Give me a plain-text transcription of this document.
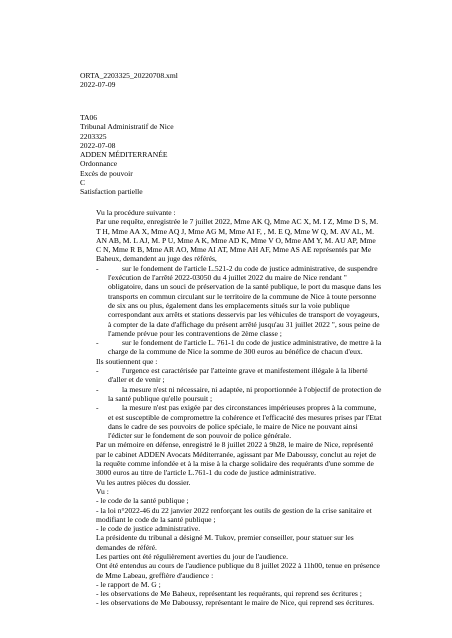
ORTA_2203325_20220708.xml
2022-07-09
TA06
Tribunal Administratif de Nice
2203325
2022-07-08
ADDEN MÉDITERRANÉE
Ordonnance
Excès de pouvoir
C
Satisfaction partielle
Vu la procédure suivante :
Par une requête, enregistrée le 7 juillet 2022, Mme AK Q, Mme AC X, M. I Z, Mme D S, M. T H, Mme AA X, Mme AQ J, Mme AG M, Mme AI F, , M. E Q, Mme W Q, M. AV AL, M. AN AB, M. L AJ, M. P U, Mme A K, Mme AD K, Mme V O, Mme AM Y, M. AU AP, Mme C N, Mme R B, Mme AR AO, Mme AI AT, Mme AH AF, Mme AS AE représentés par Me Baheux, demandent au juge des référés,
-	sur le fondement de l'article L.521-2 du code de justice administrative, de suspendre l'exécution de l'arrêté 2022-03050 du 4 juillet 2022 du maire de Nice rendant " obligatoire, dans un souci de préservation de la santé publique, le port du masque dans les transports en commun circulant sur le territoire de la commune de Nice à toute personne de six ans ou plus, également dans les emplacements situés sur la voie publique correspondant aux arrêts et stations desservis par les véhicules de transport de voyageurs, à compter de la date d'affichage du présent arrêté jusqu'au 31 juillet 2022 ", sous peine de l'amende prévue pour les contraventions de 2ème classe ;
-	sur le fondement de l'article L. 761-1 du code de justice administrative, de mettre à la charge de la commune de Nice la somme de 300 euros au bénéfice de chacun d'eux.
Ils soutiennent que :
-	l'urgence est caractérisée par l'atteinte grave et manifestement illégale à la liberté d'aller et de venir ;
-	la mesure n'est ni nécessaire, ni adaptée, ni proportionnée à l'objectif de protection de la santé publique qu'elle poursuit ;
-	la mesure n'est pas exigée par des circonstances impérieuses propres à la commune, et est susceptible de compromettre la cohérence et l'efficacité des mesures prises par l'Etat dans le cadre de ses pouvoirs de police spéciale, le maire de Nice ne pouvant ainsi l'édicter sur le fondement de son pouvoir de police générale.
Par un mémoire en défense, enregistré le 8 juillet 2022 à 9h28, le maire de Nice, représenté par le cabinet ADDEN Avocats Méditerranée, agissant par Me Daboussy, conclut au rejet de la requête comme infondée et à la mise à la charge solidaire des requérants d'une somme de 3000 euros au titre de l'article L.761-1 du code de justice administrative.
Vu les autres pièces du dossier.
Vu :
- le code de la santé publique ;
- la loi n°2022-46 du 22 janvier 2022 renforçant les outils de gestion de la crise sanitaire et modifiant le code de la santé publique ;
- le code de justice administrative.
La présidente du tribunal a désigné M. Tukov, premier conseiller, pour statuer sur les demandes de référé.
Les parties ont été régulièrement averties du jour de l'audience.
Ont été entendus au cours de l'audience publique du 8 juillet 2022 à 11h00, tenue en présence de Mme Labeau, greffière d'audience :
- le rapport de M. G ;
- les observations de Me Baheux, représentant les requérants, qui reprend ses écritures ;
- les observations de Me Daboussy, représentant le maire de Nice, qui reprend ses écritures.
